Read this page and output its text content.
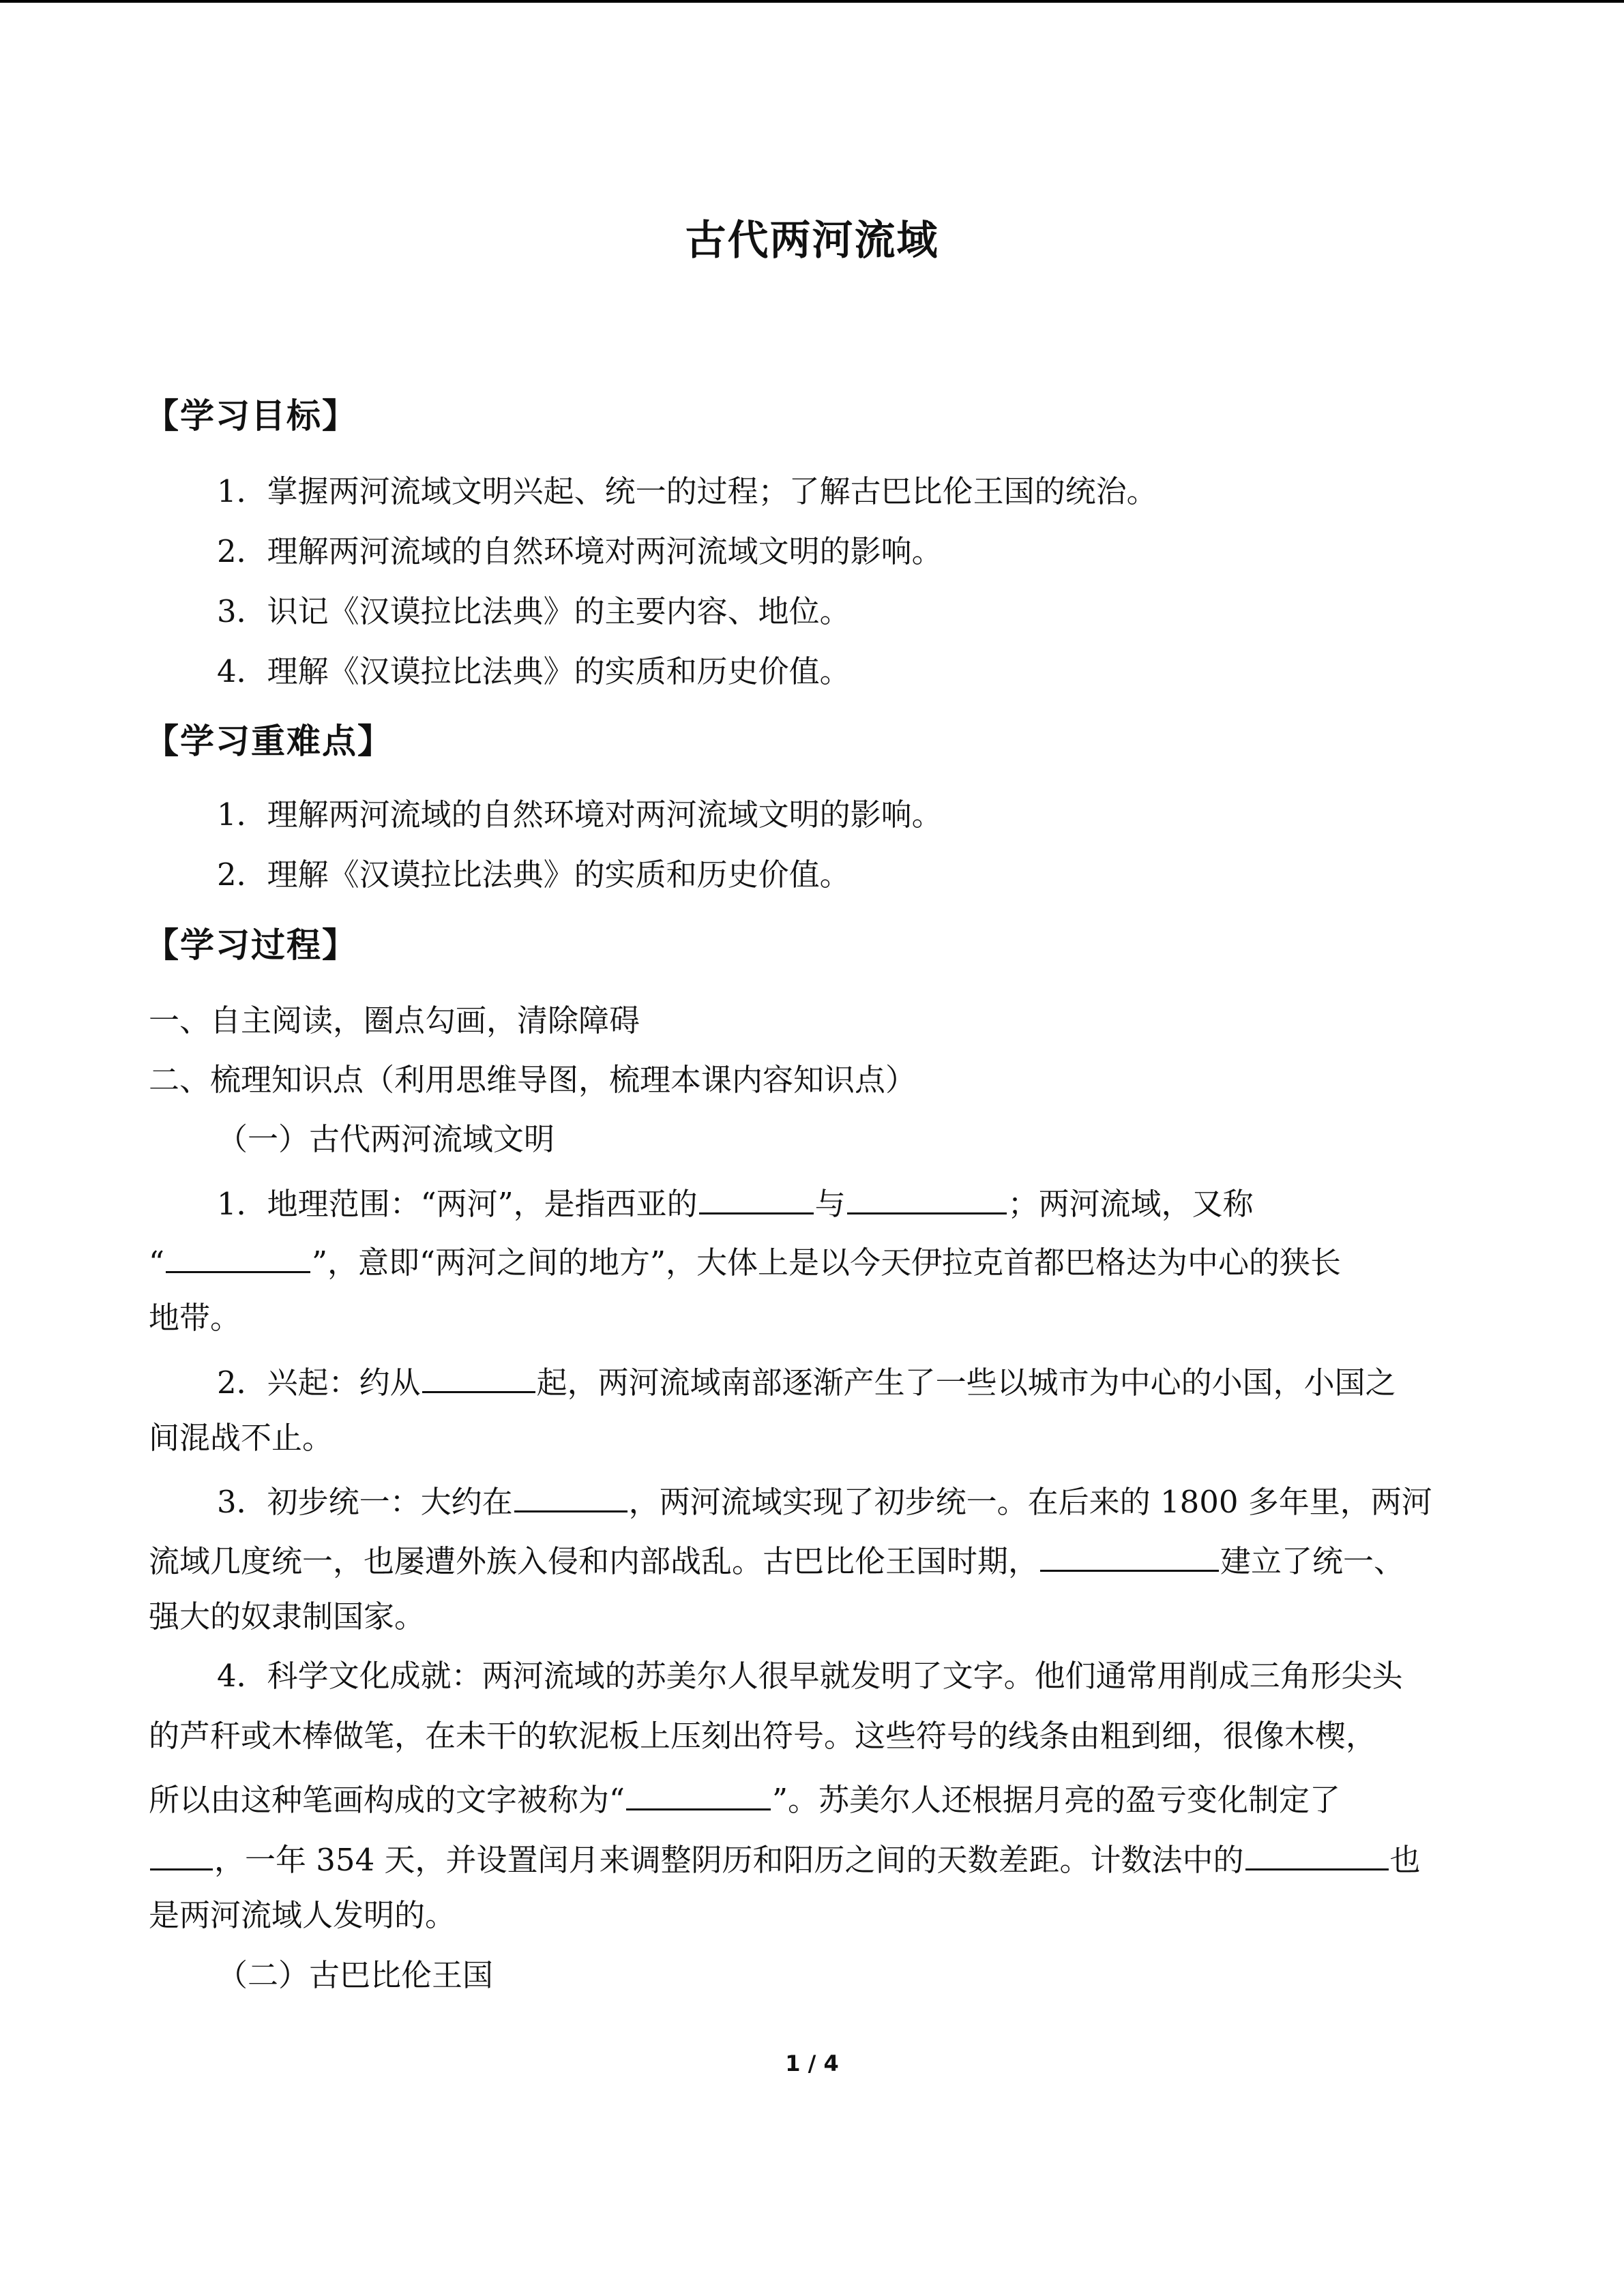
古代两河流域
【学习目标】
1．掌握两河流域文明兴起、统一的过程；了解古巴比伦王国的统治。
2．理解两河流域的自然环境对两河流域文明的影响。
3．识记《汉谟拉比法典》的主要内容、地位。
4．理解《汉谟拉比法典》的实质和历史价值。
【学习重难点】
1．理解两河流域的自然环境对两河流域文明的影响。
2．理解《汉谟拉比法典》的实质和历史价值。
【学习过程】
一、自主阅读，圈点勾画，清除障碍
二、梳理知识点（利用思维导图，梳理本课内容知识点）
（一）古代两河流域文明
1．地理范围：“两河”，是指西亚的	与	；两河流域，又称
“	”，意即“两河之间的地方”，大体上是以今天伊拉克首都巴格达为中心的狭长
地带。
2．兴起：约从	起，两河流域南部逐渐产生了一些以城市为中心的小国，小国之
间混战不止。
3．初步统一：大约在	，两河流域实现了初步统一。在后来的 1800 多年里，两河
流域几度统一，也屡遭外族入侵和内部战乱。古巴比伦王国时期，	建立了统一、
强大的奴隶制国家。
4．科学文化成就：两河流域的苏美尔人很早就发明了文字。他们通常用削成三角形尖头
的芦秆或木棒做笔，在未干的软泥板上压刻出符号。这些符号的线条由粗到细，很像木楔，
所以由这种笔画构成的文字被称为“	”。苏美尔人还根据月亮的盈亏变化制定了
，一年 354 天，并设置闰月来调整阴历和阳历之间的天数差距。计数法中的	也
是两河流域人发明的。
（二）古巴比伦王国
1 / 4
